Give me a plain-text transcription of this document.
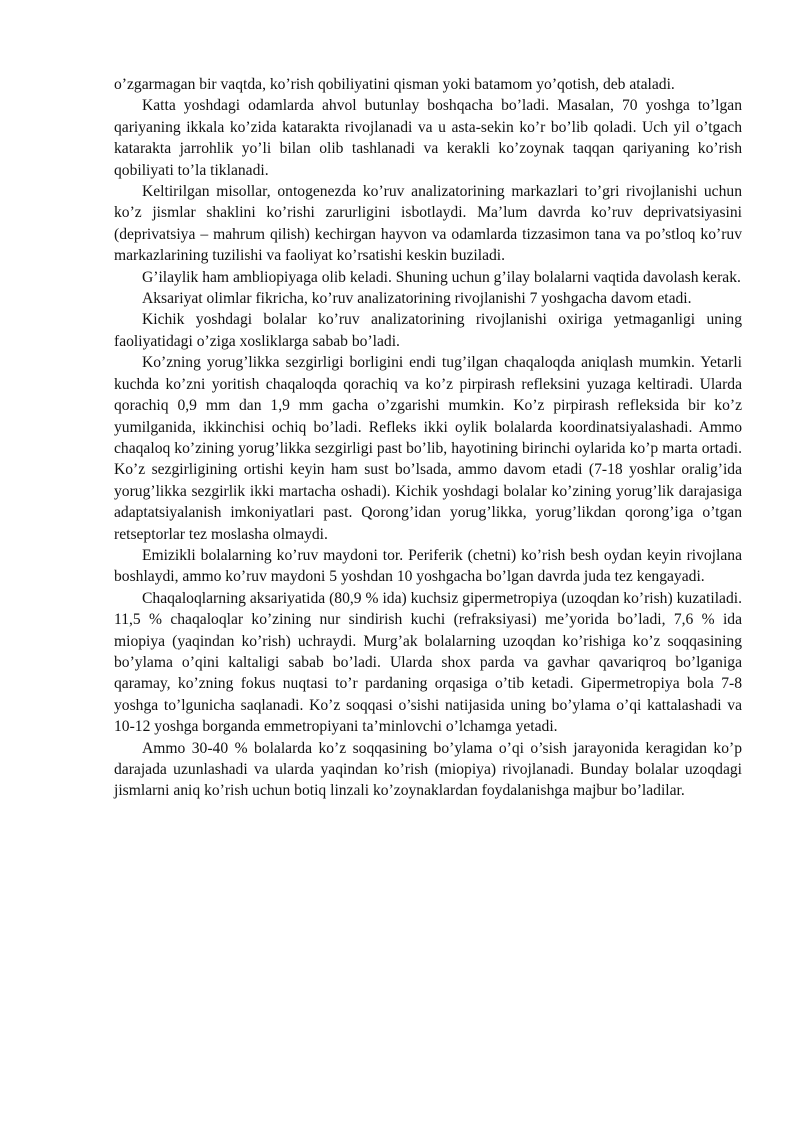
o’zgarmagan bir vaqtda, ko’rish qobiliyatini qisman yoki batamom yo’qotish, deb ataladi.

Katta yoshdagi odamlarda ahvol butunlay boshqacha bo’ladi. Masalan, 70 yoshga to’lgan qariyaning ikkala ko’zida katarakta rivojlanadi va u asta-sekin ko’r bo’lib qoladi. Uch yil o’tgach katarakta jarrohlik yo’li bilan olib tashlanadi va kerakli ko’zoynak taqqan qariyaning ko’rish qobiliyati to’la tiklanadi.

Keltirilgan misollar, ontogenezda ko’ruv analizatorining markazlari to’gri rivojlanishi uchun ko’z jismlar shaklini ko’rishi zarurligini isbotlaydi. Ma’lum davrda ko’ruv deprivatsiyasini (deprivatsiya – mahrum qilish) kechirgan hayvon va odamlarda tizzasimon tana va po’stloq ko’ruv markazlarining tuzilishi va faoliyat ko’rsatishi keskin buziladi.

G’ilaylik ham ambliopiyaga olib keladi. Shuning uchun g’ilay bolalarni vaqtida davolash kerak.

Aksariyat olimlar fikricha, ko’ruv analizatorining rivojlanishi 7 yoshgacha davom etadi.

Kichik yoshdagi bolalar ko’ruv analizatorining rivojlanishi oxiriga yetmaganligi uning faoliyatidagi o’ziga xosliklarga sabab bo’ladi.

Ko’zning yorug’likka sezgirligi borligini endi tug’ilgan chaqaloqda aniqlash mumkin. Yetarli kuchda ko’zni yoritish chaqaloqda qorachiq va ko’z pirpirash refleksini yuzaga keltiradi. Ularda qorachiq 0,9 mm dan 1,9 mm gacha o’zgarishi mumkin. Ko’z pirpirash refleksida bir ko’z yumilganida, ikkinchisi ochiq bo’ladi. Refleks ikki oylik bolalarda koordinatsiyalashadi. Ammo chaqaloq ko’zining yorug’likka sezgirligi past bo’lib, hayotining birinchi oylarida ko’p marta ortadi. Ko’z sezgirligining ortishi keyin ham sust bo’lsada, ammo davom etadi (7-18 yoshlar oralig’ida yorug’likka sezgirlik ikki martacha oshadi). Kichik yoshdagi bolalar ko’zining yorug’lik darajasiga adaptatsiyalanish imkoniyatlari past. Qorong’idan yorug’likka, yorug’likdan qorong’iga o’tgan retseptorlar tez moslasha olmaydi.

Emizikli bolalarning ko’ruv maydoni tor. Periferik (chetni) ko’rish besh oydan keyin rivojlana boshlaydi, ammo ko’ruv maydoni 5 yoshdan 10 yoshgacha bo’lgan davrda juda tez kengayadi.

Chaqaloqlarning aksariyatida (80,9 % ida) kuchsiz gipermetropiya (uzoqdan ko’rish) kuzatiladi. 11,5 % chaqaloqlar ko’zining nur sindirish kuchi (refraksiyasi) me’yorida bo’ladi, 7,6 % ida miopiya (yaqindan ko’rish) uchraydi. Murg’ak bolalarning uzoqdan ko’rishiga ko’z soqqasining bo’ylama o’qini kaltaligi sabab bo’ladi. Ularda shox parda va gavhar qavariqroq bo’lganiga qaramay, ko’zning fokus nuqtasi to’r pardaning orqasiga o’tib ketadi. Gipermetropiya bola 7-8 yoshga to’lgunicha saqlanadi. Ko’z soqqasi o’sishi natijasida uning bo’ylama o’qi kattalashadi va 10-12 yoshga borganda emmetropiyani ta’minlovchi o’lchamga yetadi.

Ammo 30-40 % bolalarda ko’z soqqasining bo’ylama o’qi o’sish jarayonida keragidan ko’p darajada uzunlashadi va ularda yaqindan ko’rish (miopiya) rivojlanadi. Bunday bolalar uzoqdagi jismlarni aniq ko’rish uchun botiq linzali ko’zoynaklardan foydalanishga majbur bo’ladilar.
